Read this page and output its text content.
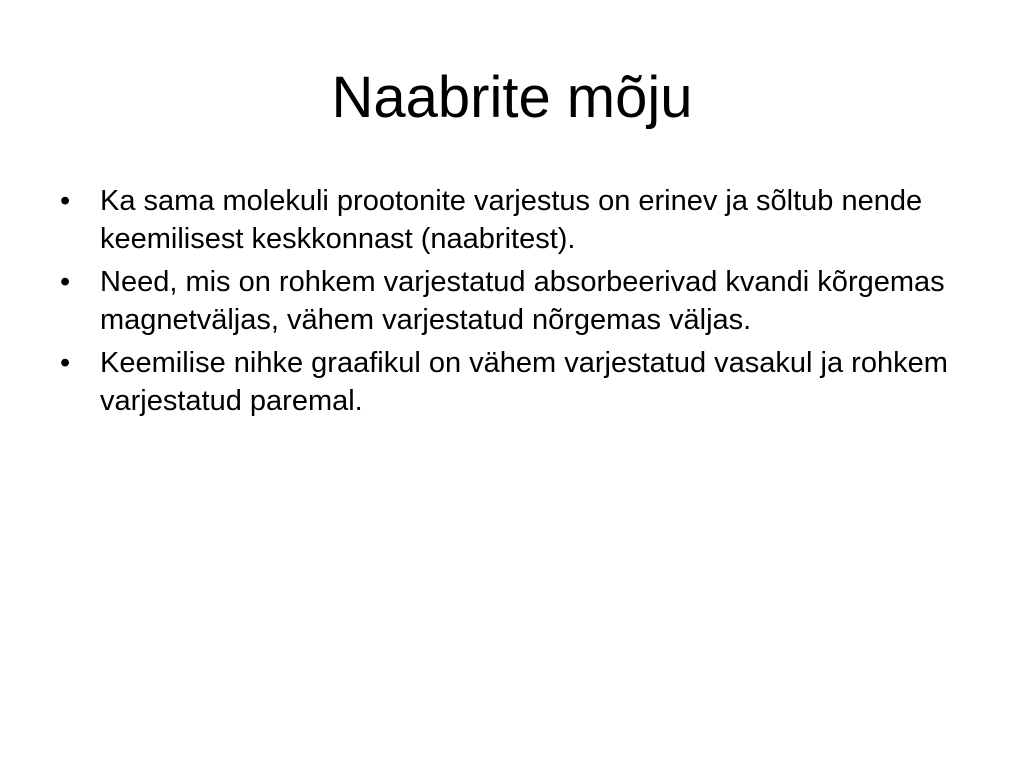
Naabrite mõju
•	Ka sama molekuli prootonite varjestus on erinev ja sõltub nende keemilisest keskkonnast (naabritest).
•	Need, mis on rohkem varjestatud absorbeerivad kvandi kõrgemas magnetväljas, vähem varjestatud nõrgemas väljas.
•	Keemilise nihke graafikul on vähem varjestatud vasakul ja rohkem varjestatud paremal.
